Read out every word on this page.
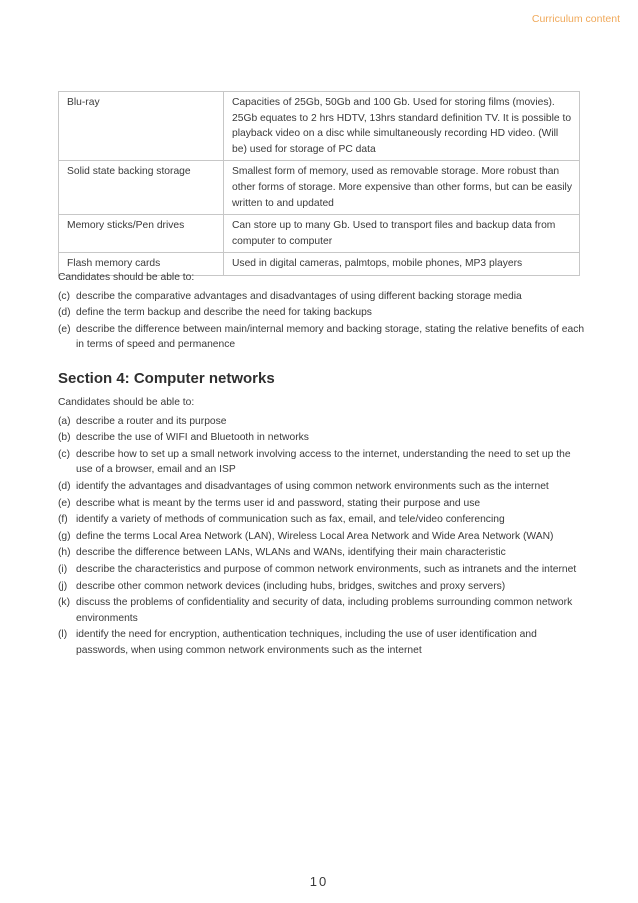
Curriculum content
Blu-ray	Capacities of 25Gb, 50Gb and 100 Gb. Used for storing films (movies). 25Gb equates to 2 hrs HDTV, 13hrs standard definition TV. It is possible to playback video on a disc while simultaneously recording HD video. (Will be) used for storage of PC data
Solid state backing storage	Smallest form of memory, used as removable storage. More robust than other forms of storage. More expensive than other forms, but can be easily written to and updated
Memory sticks/Pen drives	Can store up to many Gb. Used to transport files and backup data from computer to computer
Flash memory cards	Used in digital cameras, palmtops, mobile phones, MP3 players

Candidates should be able to:

(c) describe the comparative advantages and disadvantages of using different backing storage media
(d) define the term backup and describe the need for taking backups
(e) describe the difference between main/internal memory and backing storage, stating the relative benefits of each in terms of speed and permanence
Section 4: Computer networks

Candidates should be able to:

(a) describe a router and its purpose
(b) describe the use of WIFI and Bluetooth in networks
(c) describe how to set up a small network involving access to the internet, understanding the need to set up the use of a browser, email and an ISP
(d) identify the advantages and disadvantages of using common network environments such as the internet
(e) describe what is meant by the terms user id and password, stating their purpose and use
(f) identify a variety of methods of communication such as fax, email, and tele/video conferencing
(g) define the terms Local Area Network (LAN), Wireless Local Area Network and Wide Area Network (WAN)
(h) describe the difference between LANs, WLANs and WANs, identifying their main characteristic
(i) describe the characteristics and purpose of common network environments, such as intranets and the internet
(j) describe other common network devices (including hubs, bridges, switches and proxy servers)
(k) discuss the problems of confidentiality and security of data, including problems surrounding common network environments
(l) identify the need for encryption, authentication techniques, including the use of user identification and passwords, when using common network environments such as the internet
10
